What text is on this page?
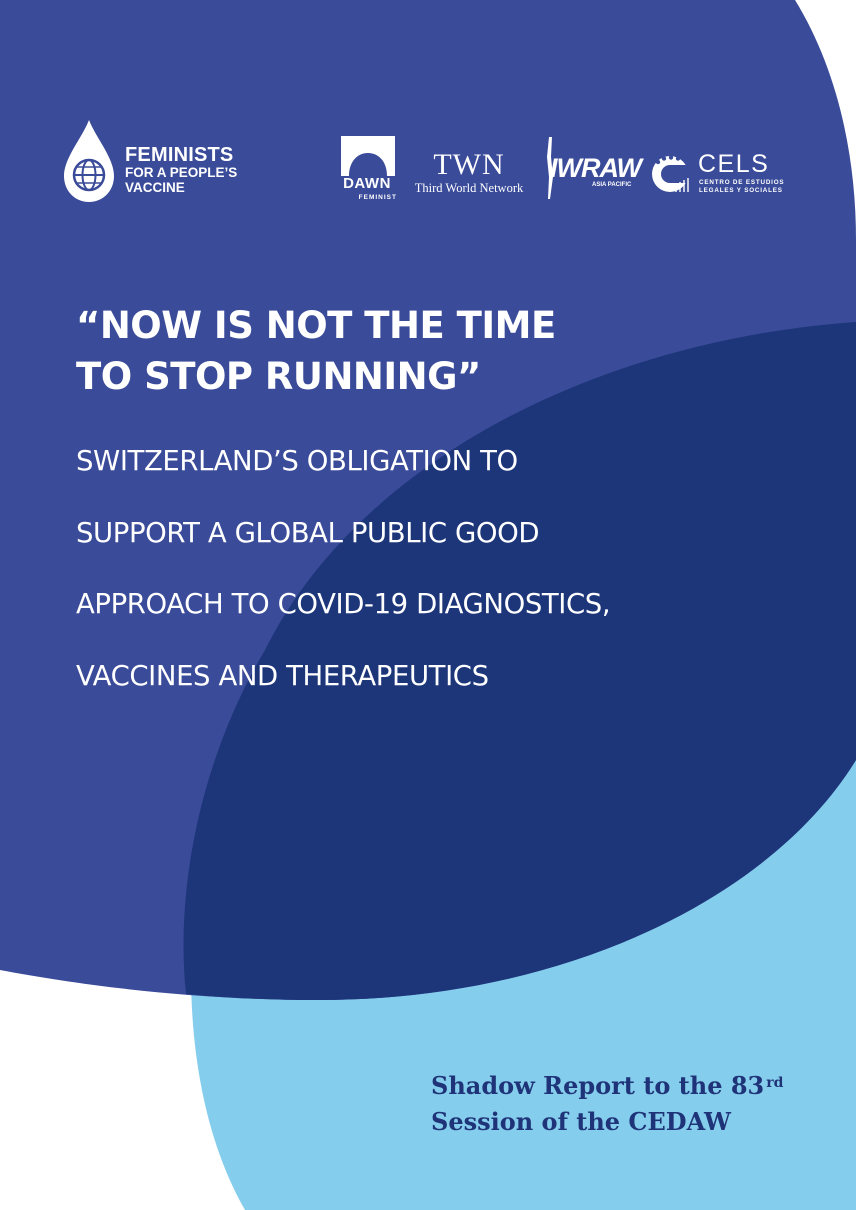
FEMINISTS
FOR A PEOPLE’S
VACCINE	DAWN
FEMINIST
TWN
Third World Network
IWRAW
ASIA PACIFIC
CELS
CENTRO DE ESTUDIOS
LEGALES Y SOCIALES
“NOW IS NOT THE TIME
TO STOP RUNNING”
SWITZERLAND’S OBLIGATION TO
SUPPORT A GLOBAL PUBLIC GOOD
APPROACH TO COVID-19 DIAGNOSTICS,
VACCINES AND THERAPEUTICS
Shadow Report to the 83 $^{rd}$
Session of the CEDAW
